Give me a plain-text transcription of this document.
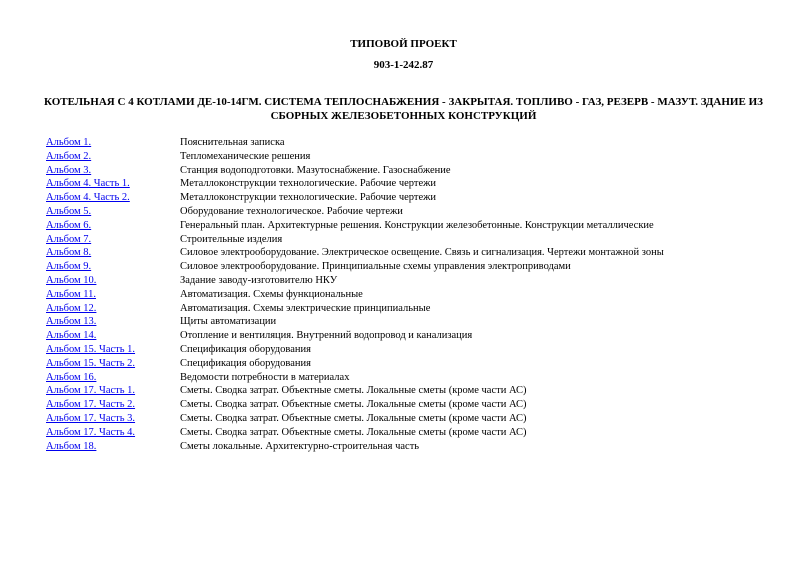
ТИПОВОЙ ПРОЕКТ
903-1-242.87
КОТЕЛЬНАЯ С 4 КОТЛАМИ ДЕ-10-14ГМ. СИСТЕМА ТЕПЛОСНАБЖЕНИЯ - ЗАКРЫТАЯ. ТОПЛИВО - ГАЗ, РЕЗЕРВ - МАЗУТ. ЗДАНИЕ ИЗ СБОРНЫХ ЖЕЛЕЗОБЕТОННЫХ КОНСТРУКЦИЙ
Альбом 1.	Пояснительная записка
Альбом 2.	Тепломеханические решения
Альбом 3.	Станция водоподготовки. Мазутоснабжение. Газоснабжение
Альбом 4. Часть 1.	Металлоконструкции технологические. Рабочие чертежи
Альбом 4. Часть 2.	Металлоконструкции технологические. Рабочие чертежи
Альбом 5.	Оборудование технологическое. Рабочие чертежи
Альбом 6.	Генеральный план. Архитектурные решения. Конструкции железобетонные. Конструкции металлические
Альбом 7.	Строительные изделия
Альбом 8.	Силовое электрооборудование. Электрическое освещение. Связь и сигнализация. Чертежи монтажной зоны
Альбом 9.	Силовое электрооборудование. Принципиальные схемы управления электроприводами
Альбом 10.	Задание заводу-изготовителю НКУ
Альбом 11.	Автоматизация. Схемы функциональные
Альбом 12.	Автоматизация. Схемы электрические принципиальные
Альбом 13.	Щиты автоматизации
Альбом 14.	Отопление и вентиляция. Внутренний водопровод и канализация
Альбом 15. Часть 1.	Спецификация оборудования
Альбом 15. Часть 2.	Спецификация оборудования
Альбом 16.	Ведомости потребности в материалах
Альбом 17. Часть 1.	Сметы. Сводка затрат. Объектные сметы. Локальные сметы (кроме части АС)
Альбом 17. Часть 2.	Сметы. Сводка затрат. Объектные сметы. Локальные сметы (кроме части АС)
Альбом 17. Часть 3.	Сметы. Сводка затрат. Объектные сметы. Локальные сметы (кроме части АС)
Альбом 17. Часть 4.	Сметы. Сводка затрат. Объектные сметы. Локальные сметы (кроме части АС)
Альбом 18.	Сметы локальные. Архитектурно-строительная часть
